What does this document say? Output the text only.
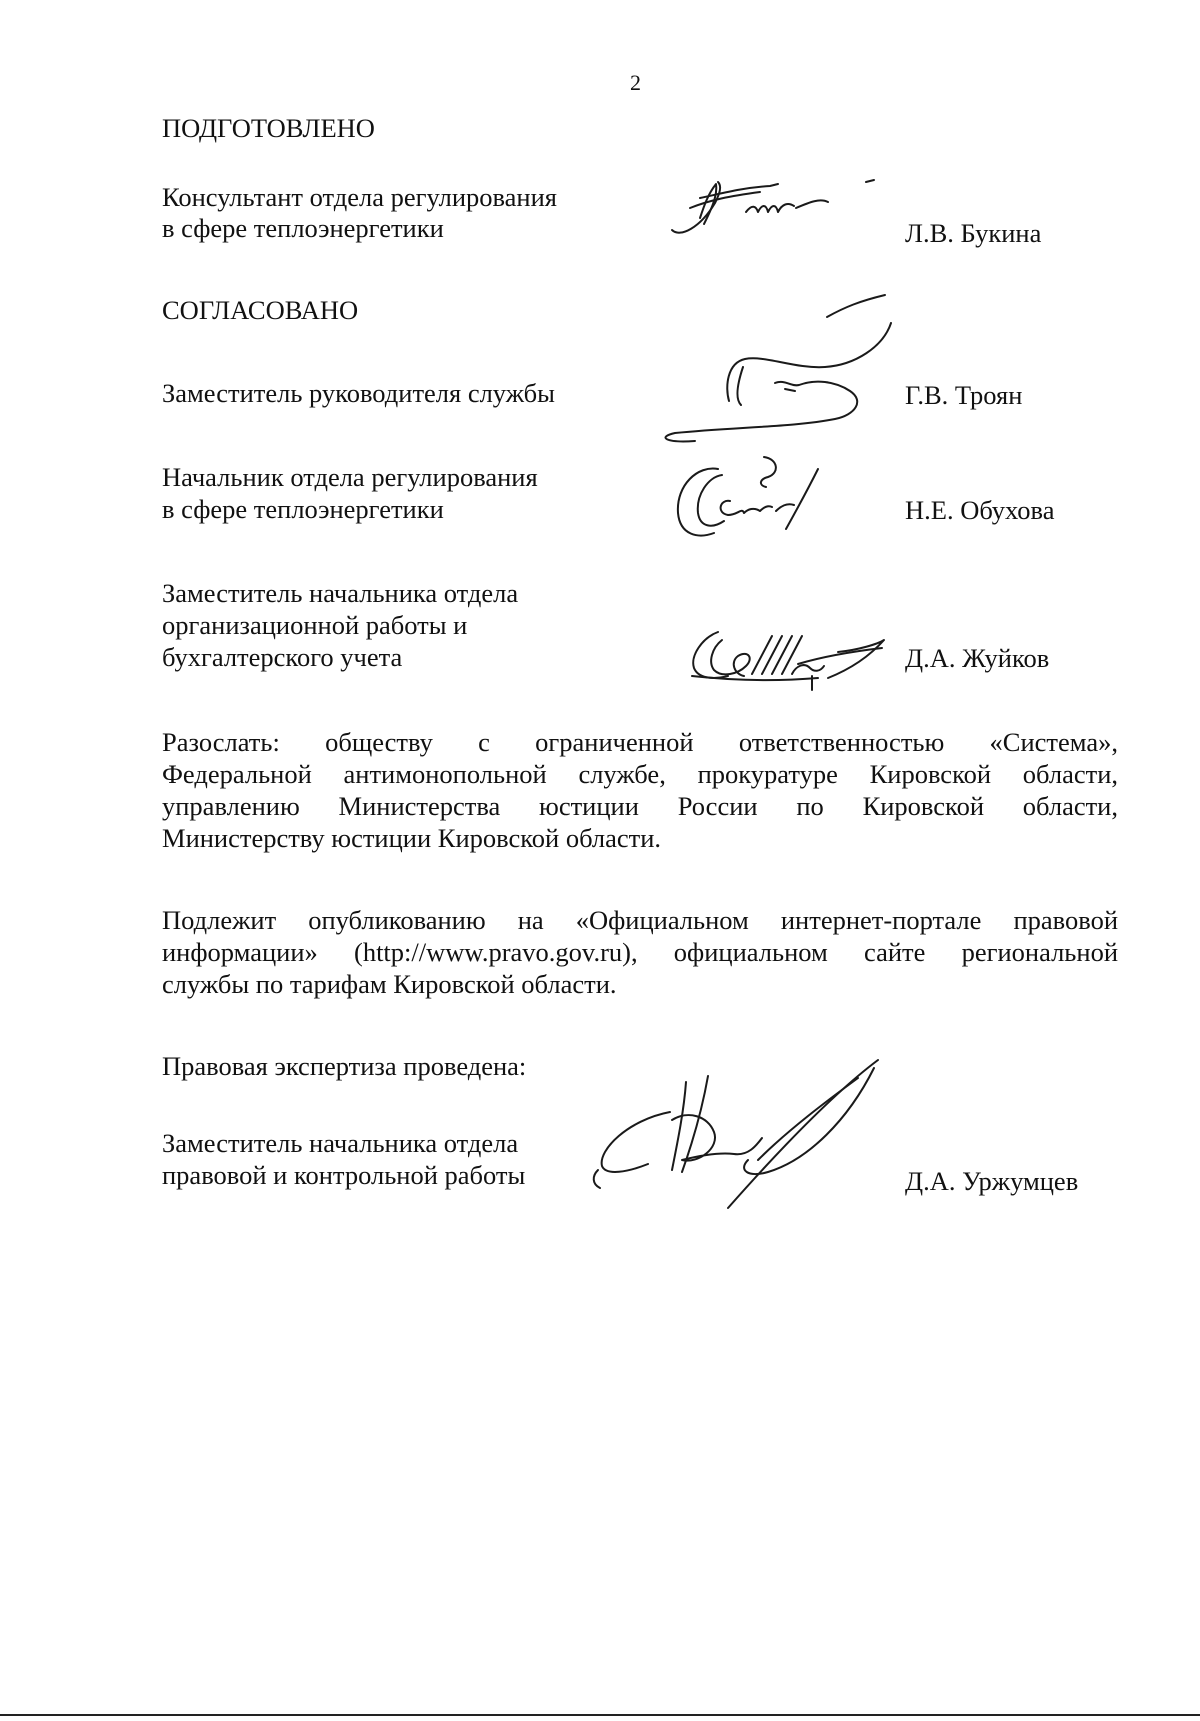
2
ПОДГОТОВЛЕНО
Консультант отдела регулирования
в сфере теплоэнергетики	Л.В. Букина
СОГЛАСОВАНО
Заместитель руководителя службы	Г.В. Троян
Начальник отдела регулирования
в сфере теплоэнергетики	Н.Е. Обухова
Заместитель начальника отдела
организационной работы и
бухгалтерского учета	Д.А. Жуйков
Разослать: обществу с ограниченной ответственностью «Система»,
Федеральной антимонопольной службе, прокуратуре Кировской области,
управлению Министерства юстиции России по Кировской области,
Министерству юстиции Кировской области.
Подлежит опубликованию на «Официальном интернет-портале правовой
информации» (http://www.pravo.gov.ru), официальном сайте региональной
службы по тарифам Кировской области.
Правовая экспертиза проведена:
Заместитель начальника отдела
правовой и контрольной работы	Д.А. Уржумцев
